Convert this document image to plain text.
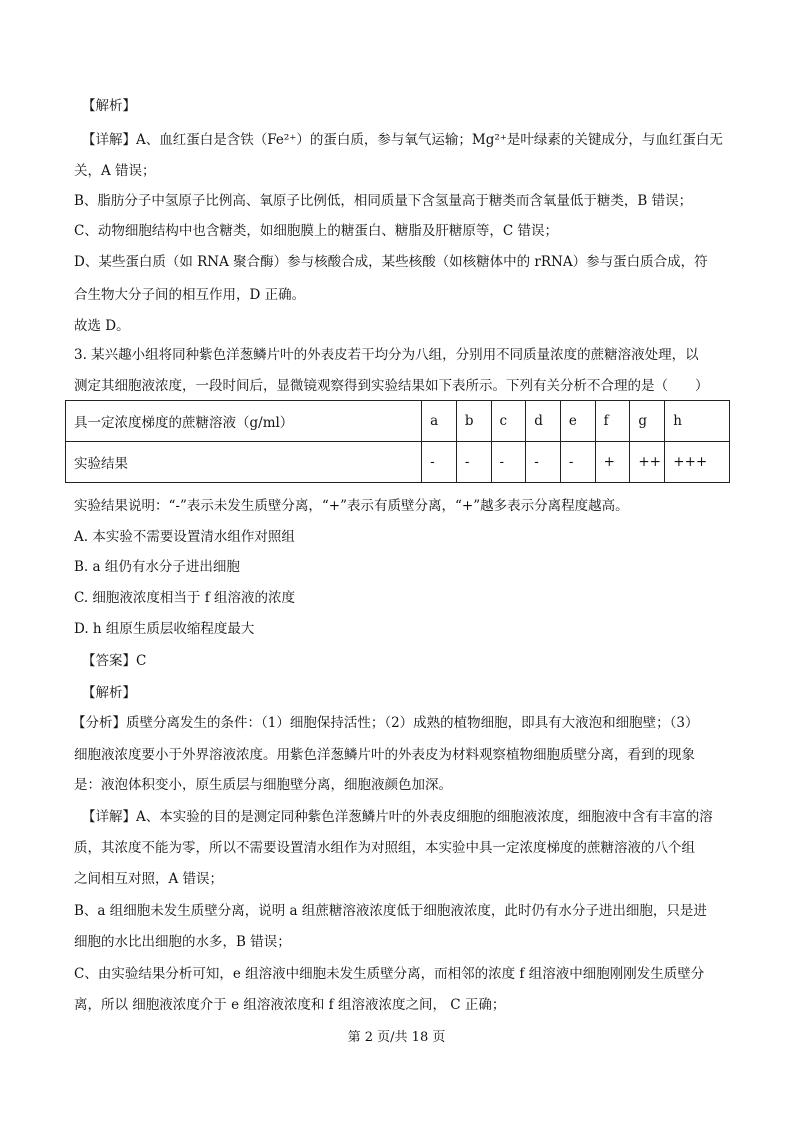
【解析】
【详解】A、血红蛋白是含铁（Fe²⁺）的蛋白质，参与氧气运输；Mg²⁺是叶绿素的关键成分，与血红蛋白无
关，A 错误；
B、脂肪分子中氢原子比例高、氧原子比例低，相同质量下含氢量高于糖类而含氧量低于糖类，B 错误；
C、动物细胞结构中也含糖类，如细胞膜上的糖蛋白、糖脂及肝糖原等，C 错误；
D、某些蛋白质（如 RNA 聚合酶）参与核酸合成，某些核酸（如核糖体中的 rRNA）参与蛋白质合成，符
合生物大分子间的相互作用，D 正确。
故选 D。
3. 某兴趣小组将同种紫色洋葱鳞片叶的外表皮若干均分为八组，分别用不同质量浓度的蔗糖溶液处理，以
测定其细胞液浓度，一段时间后，显微镜观察得到实验结果如下表所示。下列有关分析不合理的是（　　）
具一定浓度梯度的蔗糖溶液（g/ml）	a	b	c	d	e	f	g	h
实验结果	-	-	-	-	-	+	++	+++
实验结果说明：“-”表示未发生质壁分离，“+”表示有质壁分离，“+”越多表示分离程度越高。
A. 本实验不需要设置清水组作对照组
B. a 组仍有水分子进出细胞
C. 细胞液浓度相当于 f 组溶液的浓度
D. h 组原生质层收缩程度最大
【答案】C
【解析】
【分析】质壁分离发生的条件：（1）细胞保持活性；（2）成熟的植物细胞，即具有大液泡和细胞壁；（3）
细胞液浓度要小于外界溶液浓度。用紫色洋葱鳞片叶的外表皮为材料观察植物细胞质壁分离，看到的现象
是：液泡体积变小，原生质层与细胞壁分离，细胞液颜色加深。
【详解】A、本实验的目的是测定同种紫色洋葱鳞片叶的外表皮细胞的细胞液浓度，细胞液中含有丰富的溶
质，其浓度不能为零，所以不需要设置清水组作为对照组，本实验中具一定浓度梯度的蔗糖溶液的八个组
之间相互对照，A 错误；
B、a 组细胞未发生质壁分离，说明 a 组蔗糖溶液浓度低于细胞液浓度，此时仍有水分子进出细胞，只是进
细胞的水比出细胞的水多，B 错误；
C、由实验结果分析可知，e 组溶液中细胞未发生质壁分离，而相邻的浓度 f 组溶液中细胞刚刚发生质壁分
离，所以 细胞液浓度介于 e 组溶液浓度和 f 组溶液浓度之间， C 正确；
第 2 页/共 18 页
